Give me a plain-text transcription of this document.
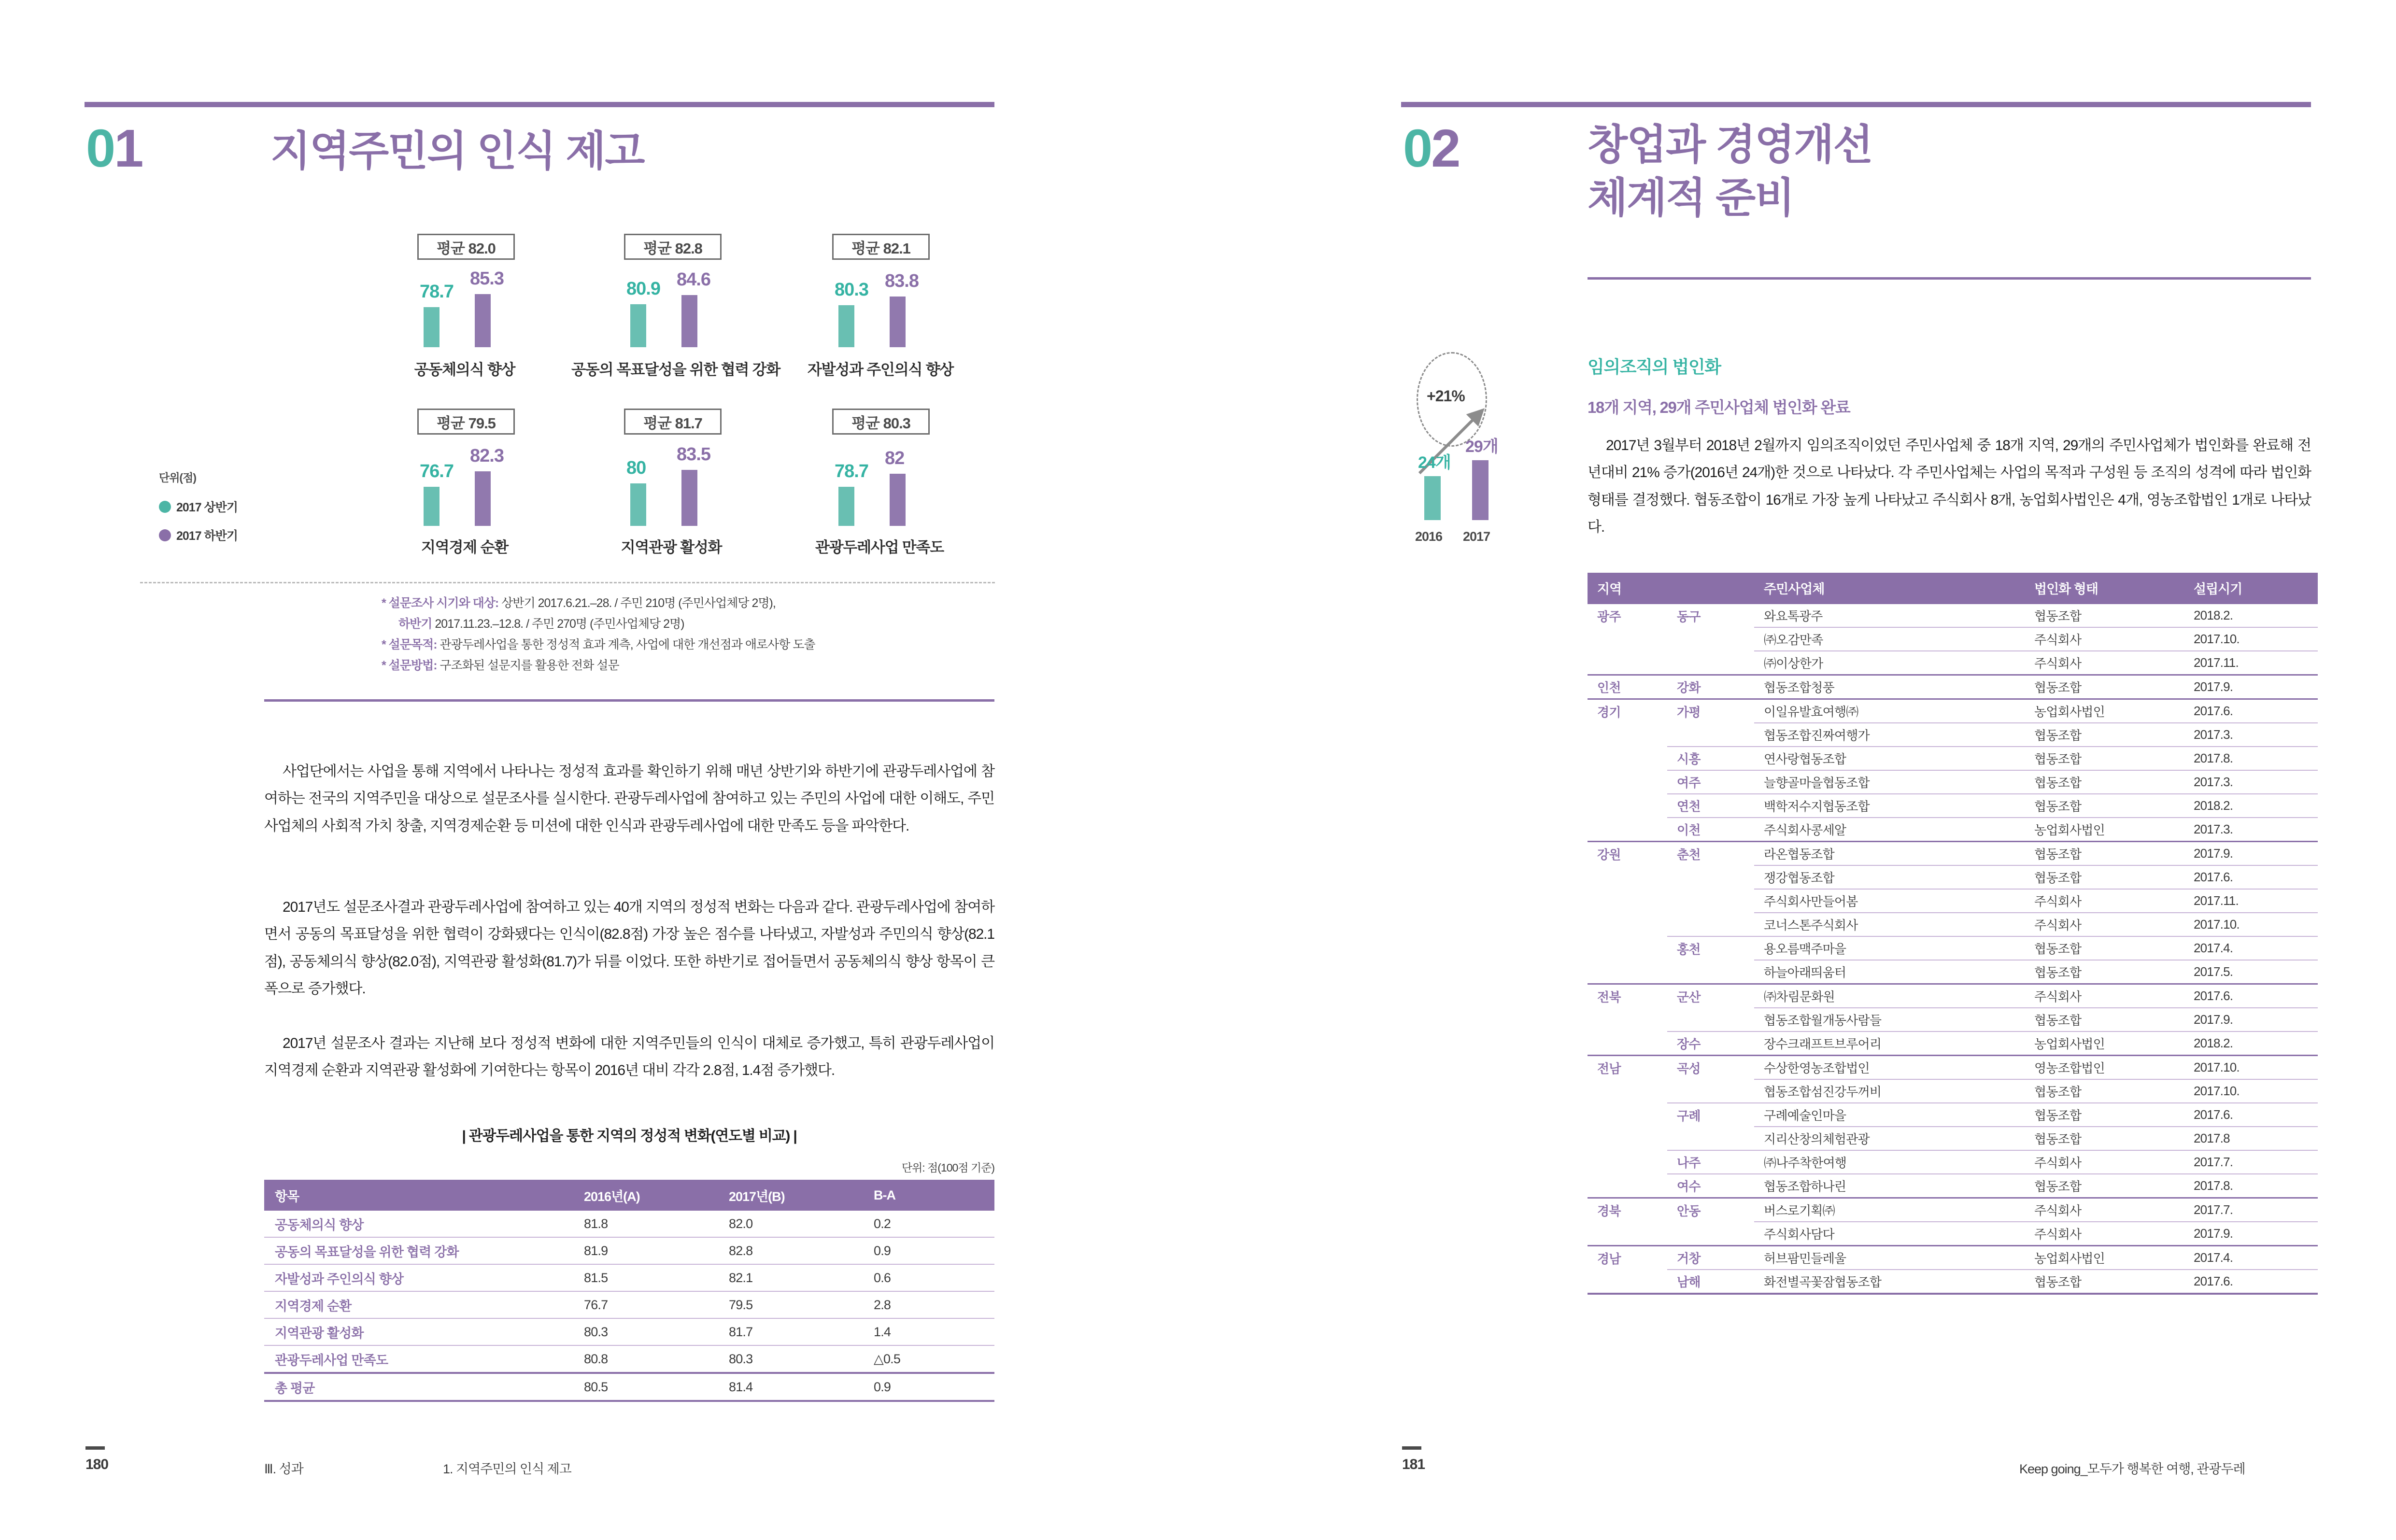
01	지역주민의 인식 제고
평균 82.0
78.7
85.3
공동체의식 향상
평균 82.8
80.9 84.6
공동의 목표달성을 위한 협력 강화
평균 82.1
80.3 83.8
자발성과 주인의식 향상
평균 79.5
76.7
82.3
지역경제 순환
평균 81.7
80
83.5
지역관광 활성화
평균 80.3
78.7
82
관광두레사업 만족도
단위(점)
2017 상반기
2017 하반기
* 설문조사 시기와 대상: 상반기 2017.6.21.–28. / 주민 210명 (주민사업체당 2명),
하반기 2017.11.23.–12.8. / 주민 270명 (주민사업체당 2명)
* 설문목적: 관광두레사업을 통한 정성적 효과 계측, 사업에 대한 개선점과 애로사항 도출
* 설문방법: 구조화된 설문지를 활용한 전화 설문
사업단에서는 사업을 통해 지역에서 나타나는 정성적 효과를 확인하기 위해 매년 상반기와 하반기에 관광두레사업에 참여하는 전국의 지역주민을 대상으로 설문조사를 실시한다. 관광두레사업에 참여하고 있는 주민의 사업에 대한 이해도, 주민사업체의 사회적 가치 창출, 지역경제순환 등 미션에 대한 인식과 관광두레사업에 대한 만족도 등을 파악한다.
2017년도 설문조사결과 관광두레사업에 참여하고 있는 40개 지역의 정성적 변화는 다음과 같다. 관광두레사업에 참여하면서 공동의 목표달성을 위한 협력이 강화됐다는 인식이(82.8점) 가장 높은 점수를 나타냈고, 자발성과 주민의식 향상(82.1점), 공동체의식 향상(82.0점), 지역관광 활성화(81.7)가 뒤를 이었다. 또한 하반기로 접어들면서 공동체의식 향상 항목이 큰 폭으로 증가했다.
2017년 설문조사 결과는 지난해 보다 정성적 변화에 대한 지역주민들의 인식이 대체로 증가했고, 특히 관광두레사업이 지역경제 순환과 지역관광 활성화에 기여한다는 항목이 2016년 대비 각각 2.8점, 1.4점 증가했다.
| 관광두레사업을 통한 지역의 정성적 변화(연도별 비교) |
단위: 점(100점 기준)
항목	2016년(A)	2017년(B)	B-A
공동체의식 향상	81.8	82.0	0.2
공동의 목표달성을 위한 협력 강화	81.9	82.8	0.9
자발성과 주인의식 향상	81.5	82.1	0.6
지역경제 순환	76.7	79.5	2.8
지역관광 활성화	80.3	81.7	1.4
관광두레사업 만족도	80.8	80.3	△0.5
총 평균	80.5	81.4	0.9
180	Ⅲ. 성과	1. 지역주민의 인식 제고
02	창업과 경영개선
체계적 준비
+21%
24개
29개
2016 2017
임의조직의 법인화
18개 지역, 29개 주민사업체 법인화 완료
2017년 3월부터 2018년 2월까지 임의조직이었던 주민사업체 중 18개 지역, 29개의 주민사업체가 법인화를 완료해 전년대비 21% 증가(2016년 24개)한 것으로 나타났다. 각 주민사업체는 사업의 목적과 구성원 등 조직의 성격에 따라 법인화 형태를 결정했다. 협동조합이 16개로 가장 높게 나타났고 주식회사 8개, 농업회사법인은 4개, 영농조합법인 1개로 나타났다.
지역		주민사업체	법인화 형태	설립시기
광주	동구	와요톡광주	협동조합	2018.2.
		㈜오감만족	주식회사	2017.10.
		㈜이상한가	주식회사	2017.11.
인천	강화	협동조합청풍	협동조합	2017.9.
경기	가평	이일유발효여행㈜	농업회사법인	2017.6.
		협동조합진짜여행가	협동조합	2017.3.
	시흥	연사랑협동조합	협동조합	2017.8.
	여주	늘향골마을협동조합	협동조합	2017.3.
	연천	백학저수지협동조합	협동조합	2018.2.
	이천	주식회사콩세알	농업회사법인	2017.3.
강원	춘천	라온협동조합	협동조합	2017.9.
		쟁강협동조합	협동조합	2017.6.
		주식회사만들어봄	주식회사	2017.11.
		코너스톤주식회사	주식회사	2017.10.
	홍천	용오름맥주마을	협동조합	2017.4.
		하늘아래띄움터	협동조합	2017.5.
전북	군산	㈜차림문화원	주식회사	2017.6.
		협동조합월개동사람들	협동조합	2017.9.
	장수	장수크래프트브루어리	농업회사법인	2018.2.
전남	곡성	수상한영농조합법인	영농조합법인	2017.10.
		협동조합섬진강두꺼비	협동조합	2017.10.
	구례	구례예술인마을	협동조합	2017.6.
		지리산창의체험관광	협동조합	2017.8
	나주	㈜나주착한여행	주식회사	2017.7.
	여수	협동조합하나린	협동조합	2017.8.
경북	안동	버스로기획㈜	주식회사	2017.7.
		주식회사담다	주식회사	2017.9.
경남	거창	허브팜민들레울	농업회사법인	2017.4.
	남해	화전별곡꽃잠협동조합	협동조합	2017.6.
181	Keep going_모두가 행복한 여행, 관광두레
